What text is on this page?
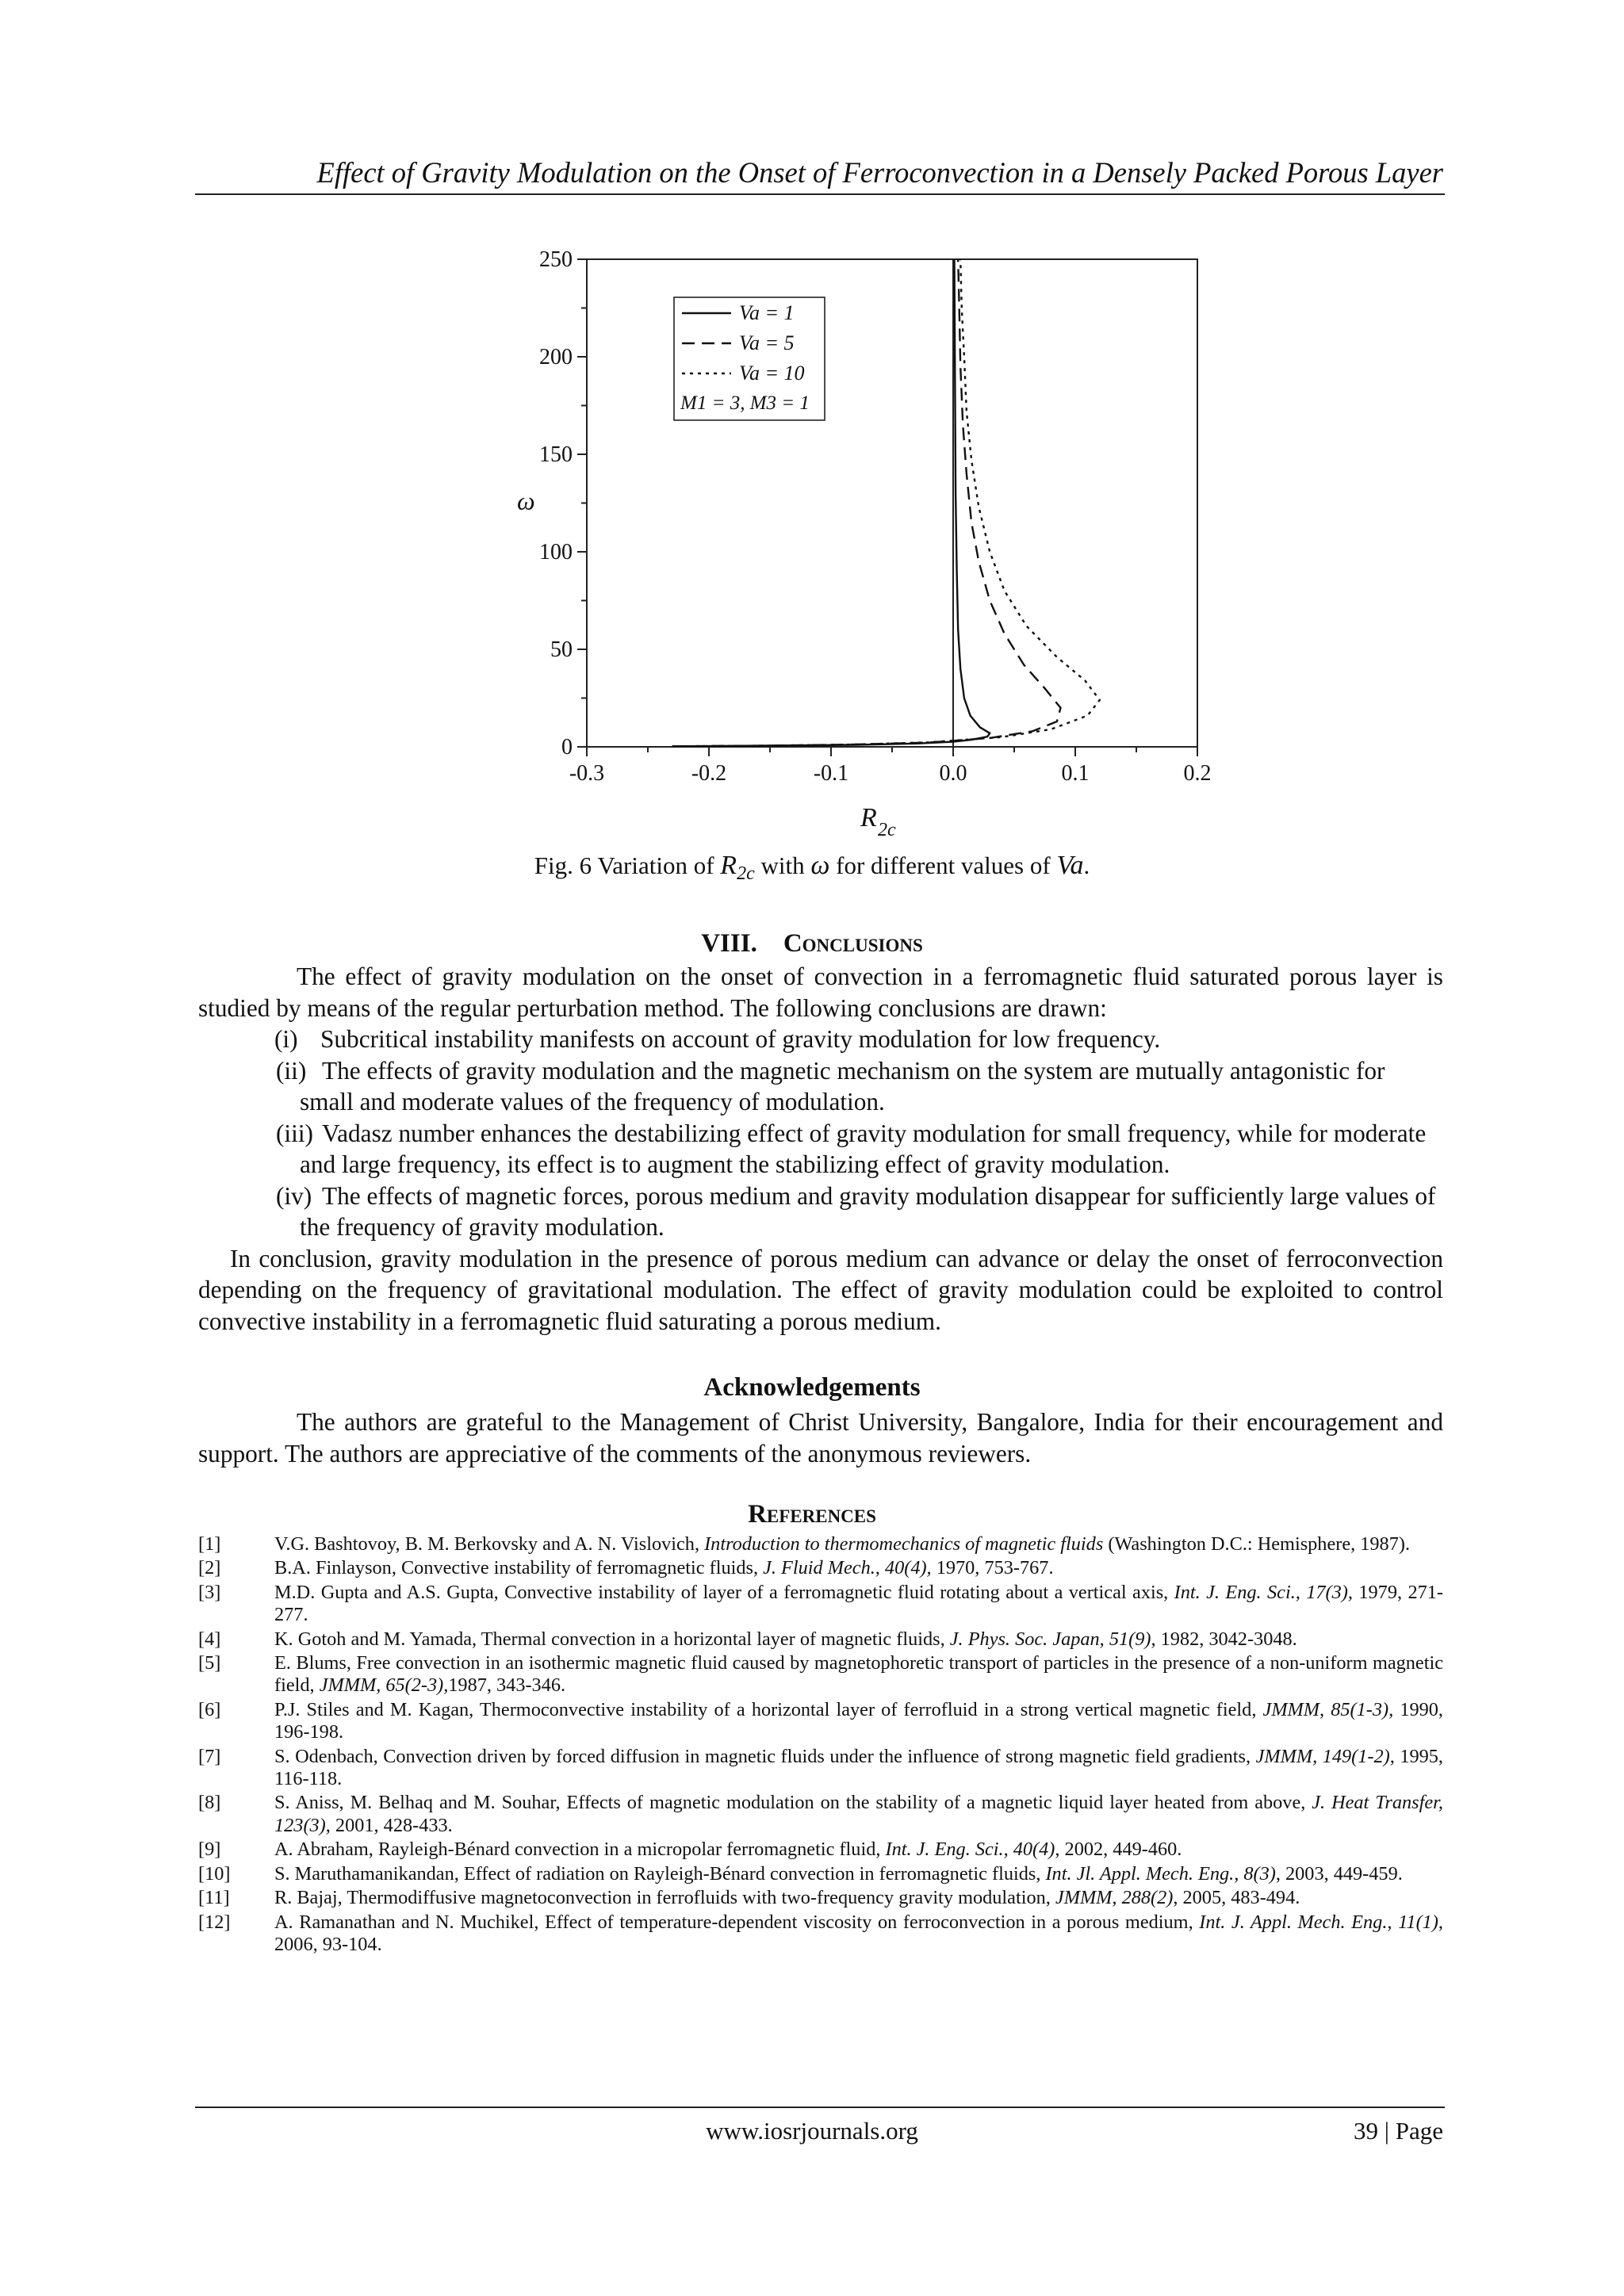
Effect of Gravity Modulation on the Onset of Ferroconvection in a Densely Packed Porous Layer
Va = 1
Va = 5
Va = 10
M1 = 3, M3 = 1
-0.3	-0.2	-0.1	0.0	0.1	0.2
0
50
100
150
200
250
R 2c
ω
Fig. 6 Variation of $R_{2c}$ with ω for different values of Va.
VIII. Conclusions

The effect of gravity modulation on the onset of convection in a ferromagnetic fluid saturated porous layer is studied by means of the regular perturbation method. The following conclusions are drawn:

(i) Subcritical instability manifests on account of gravity modulation for low frequency.

(ii) The effects of gravity modulation and the magnetic mechanism on the system are mutually antagonistic for small and moderate values of the frequency of modulation.

(iii) Vadasz number enhances the destabilizing effect of gravity modulation for small frequency, while for moderate and large frequency, its effect is to augment the stabilizing effect of gravity modulation.

(iv) The effects of magnetic forces, porous medium and gravity modulation disappear for sufficiently large values of the frequency of gravity modulation.

In conclusion, gravity modulation in the presence of porous medium can advance or delay the onset of ferroconvection depending on the frequency of gravitational modulation. The effect of gravity modulation could be exploited to control convective instability in a ferromagnetic fluid saturating a porous medium.

Acknowledgements

The authors are grateful to the Management of Christ University, Bangalore, India for their encouragement and support. The authors are appreciative of the comments of the anonymous reviewers.

References
[1]	V.G. Bashtovoy, B. M. Berkovsky and A. N. Vislovich, Introduction to thermomechanics of magnetic fluids (Washington D.C.: Hemisphere, 1987).
[2]	B.A. Finlayson, Convective instability of ferromagnetic fluids, J. Fluid Mech., 40(4), 1970, 753-767.
[3]	M.D. Gupta and A.S. Gupta, Convective instability of layer of a ferromagnetic fluid rotating about a vertical axis, Int. J. Eng. Sci., 17(3), 1979, 271-277.
[4]	K. Gotoh and M. Yamada, Thermal convection in a horizontal layer of magnetic fluids, J. Phys. Soc. Japan, 51(9), 1982, 3042-3048.
[5]	E. Blums, Free convection in an isothermic magnetic fluid caused by magnetophoretic transport of particles in the presence of a non-uniform magnetic field, JMMM, 65(2-3),1987, 343-346.
[6]	P.J. Stiles and M. Kagan, Thermoconvective instability of a horizontal layer of ferrofluid in a strong vertical magnetic field, JMMM, 85(1-3), 1990, 196-198.
[7]	S. Odenbach, Convection driven by forced diffusion in magnetic fluids under the influence of strong magnetic field gradients, JMMM, 149(1-2), 1995, 116-118.
[8]	S. Aniss, M. Belhaq and M. Souhar, Effects of magnetic modulation on the stability of a magnetic liquid layer heated from above, J. Heat Transfer, 123(3), 2001, 428-433.
[9]	A. Abraham, Rayleigh-Bénard convection in a micropolar ferromagnetic fluid, Int. J. Eng. Sci., 40(4), 2002, 449-460.
[10] S. Maruthamanikandan, Effect of radiation on Rayleigh-Bénard convection in ferromagnetic fluids, Int. Jl. Appl. Mech. Eng., 8(3), 2003, 449-459.
[11] R. Bajaj, Thermodiffusive magnetoconvection in ferrofluids with two-frequency gravity modulation, JMMM, 288(2), 2005, 483-494.
[12] A. Ramanathan and N. Muchikel, Effect of temperature-dependent viscosity on ferroconvection in a porous medium, Int. J. Appl. Mech. Eng., 11(1), 2006, 93-104.
www.iosrjournals.org	39 | Page
